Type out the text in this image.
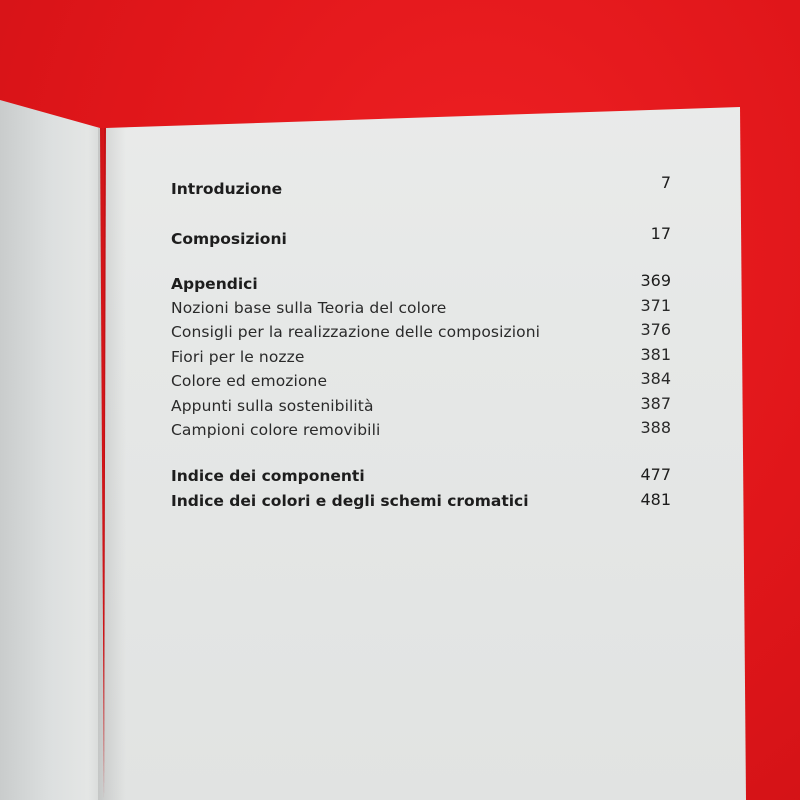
Introduzione	7
Composizioni	17
Appendici	369
Nozioni base sulla Teoria del colore	371
Consigli per la realizzazione delle composizioni	376
Fiori per le nozze	381
Colore ed emozione	384
Appunti sulla sostenibilità	387
Campioni colore removibili	388
Indice dei componenti	477
Indice dei colori e degli schemi cromatici	481
